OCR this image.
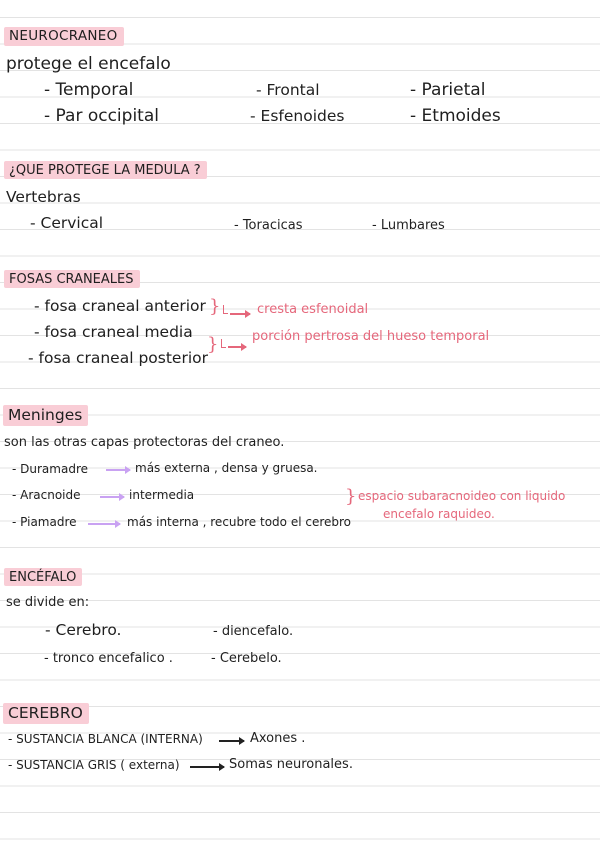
NEUROCRANEO
protege el encefalo
- Temporal	- Frontal	- Parietal
- Par occipital	- Esfenoides	- Etmoides
¿QUE PROTEGE LA MEDULA ?
Vertebras
- Cervical	- Toracicas	- Lumbares
FOSAS CRANEALES
- fosa craneal anterior
- fosa craneal media
- fosa craneal posterior
}	cresta esfenoidal
}	porción pertrosa del hueso temporal
Meninges
son las otras capas protectoras del craneo.
- Duramadre	más externa , densa y gruesa.
- Aracnoide	intermedia
- Piamadre	más interna , recubre todo el cerebro
} espacio subaracnoideo con liquido
encefalo raquideo.
ENCÉFALO
se divide en:
- Cerebro.	- diencefalo.
- tronco encefalico .	- Cerebelo.
CEREBRO
- SUSTANCIA BLANCA (INTERNA)	Axones .
- SUSTANCIA GRIS ( externa)	Somas neuronales.
